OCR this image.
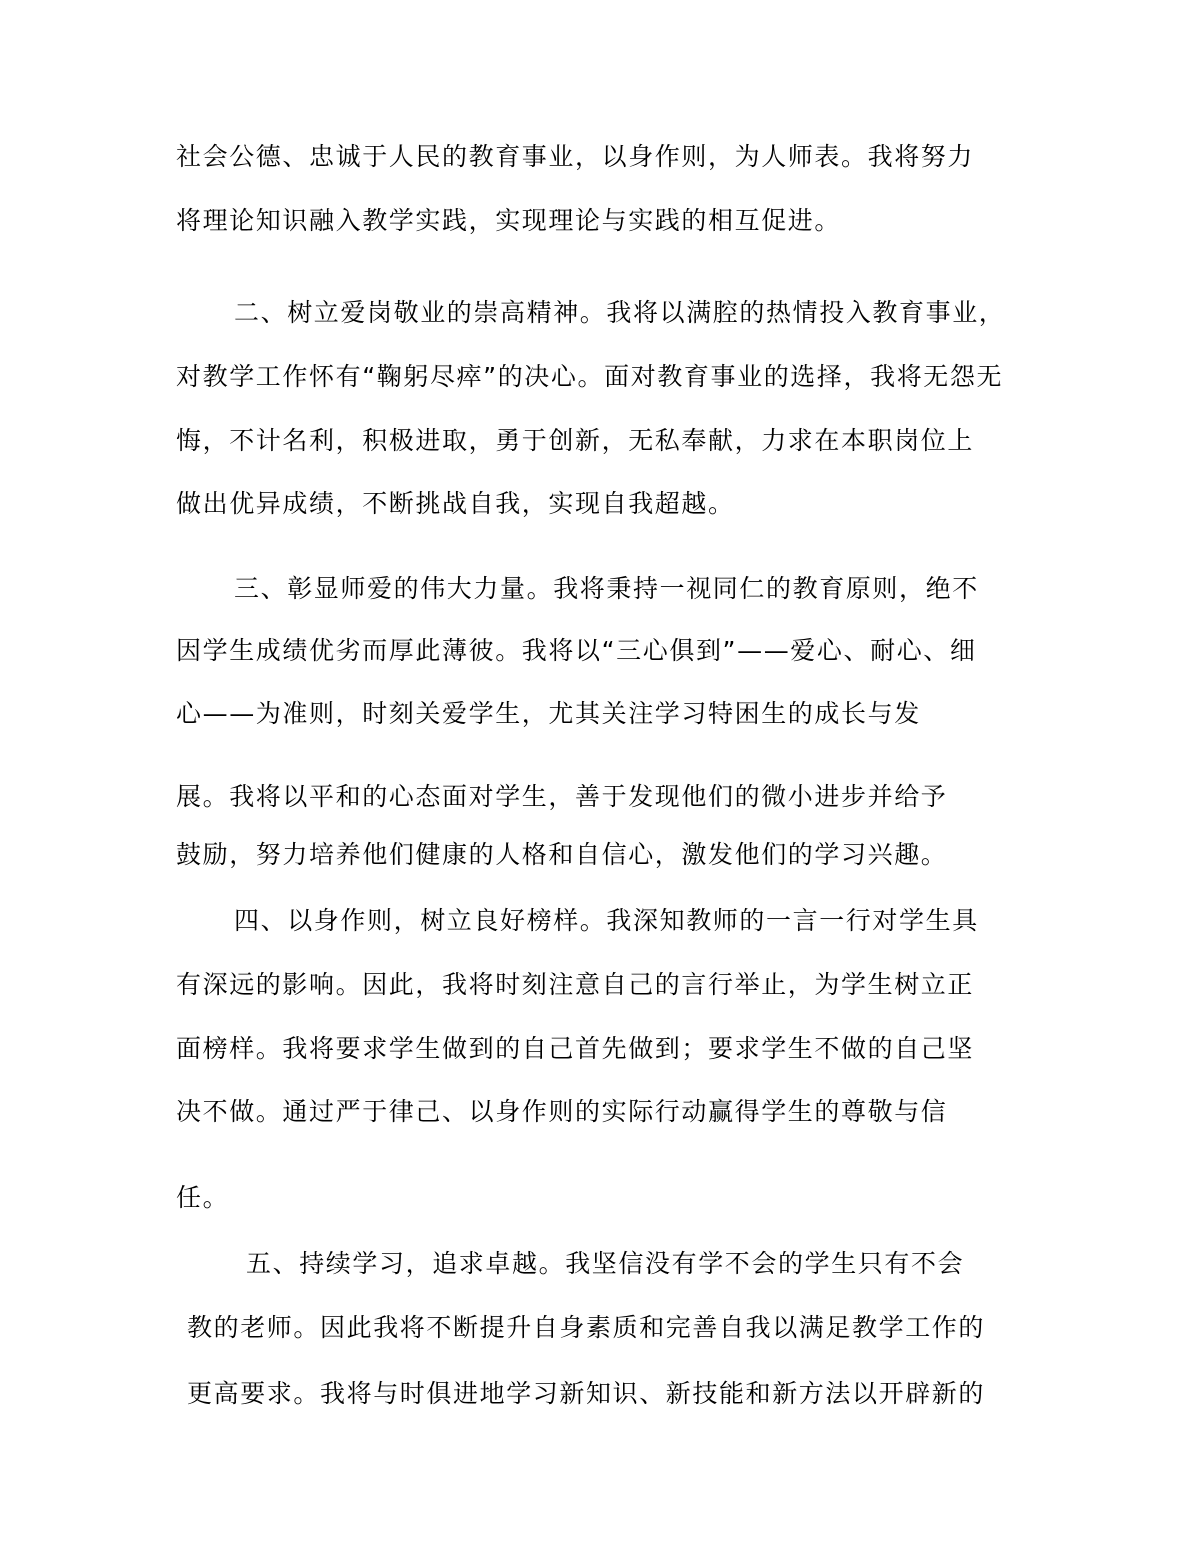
社会公德、忠诚于人民的教育事业，以身作则，为人师表。我将努力
将理论知识融入教学实践，实现理论与实践的相互促进。
二、树立爱岗敬业的崇高精神。我将以满腔的热情投入教育事业，
对教学工作怀有“鞠躬尽瘁”的决心。面对教育事业的选择，我将无怨无
悔，不计名利，积极进取，勇于创新，无私奉献，力求在本职岗位上
做出优异成绩，不断挑战自我，实现自我超越。
三、彰显师爱的伟大力量。我将秉持一视同仁的教育原则，绝不
因学生成绩优劣而厚此薄彼。我将以“三心俱到”——爱心、耐心、细
心——为准则，时刻关爱学生，尤其关注学习特困生的成长与发
展。我将以平和的心态面对学生，善于发现他们的微小进步并给予
鼓励，努力培养他们健康的人格和自信心，激发他们的学习兴趣。
四、以身作则，树立良好榜样。我深知教师的一言一行对学生具
有深远的影响。因此，我将时刻注意自己的言行举止，为学生树立正
面榜样。我将要求学生做到的自己首先做到；要求学生不做的自己坚
决不做。通过严于律己、以身作则的实际行动赢得学生的尊敬与信
任。
五、持续学习，追求卓越。我坚信没有学不会的学生只有不会
教的老师。因此我将不断提升自身素质和完善自我以满足教学工作的
更高要求。我将与时俱进地学习新知识、新技能和新方法以开辟新的
